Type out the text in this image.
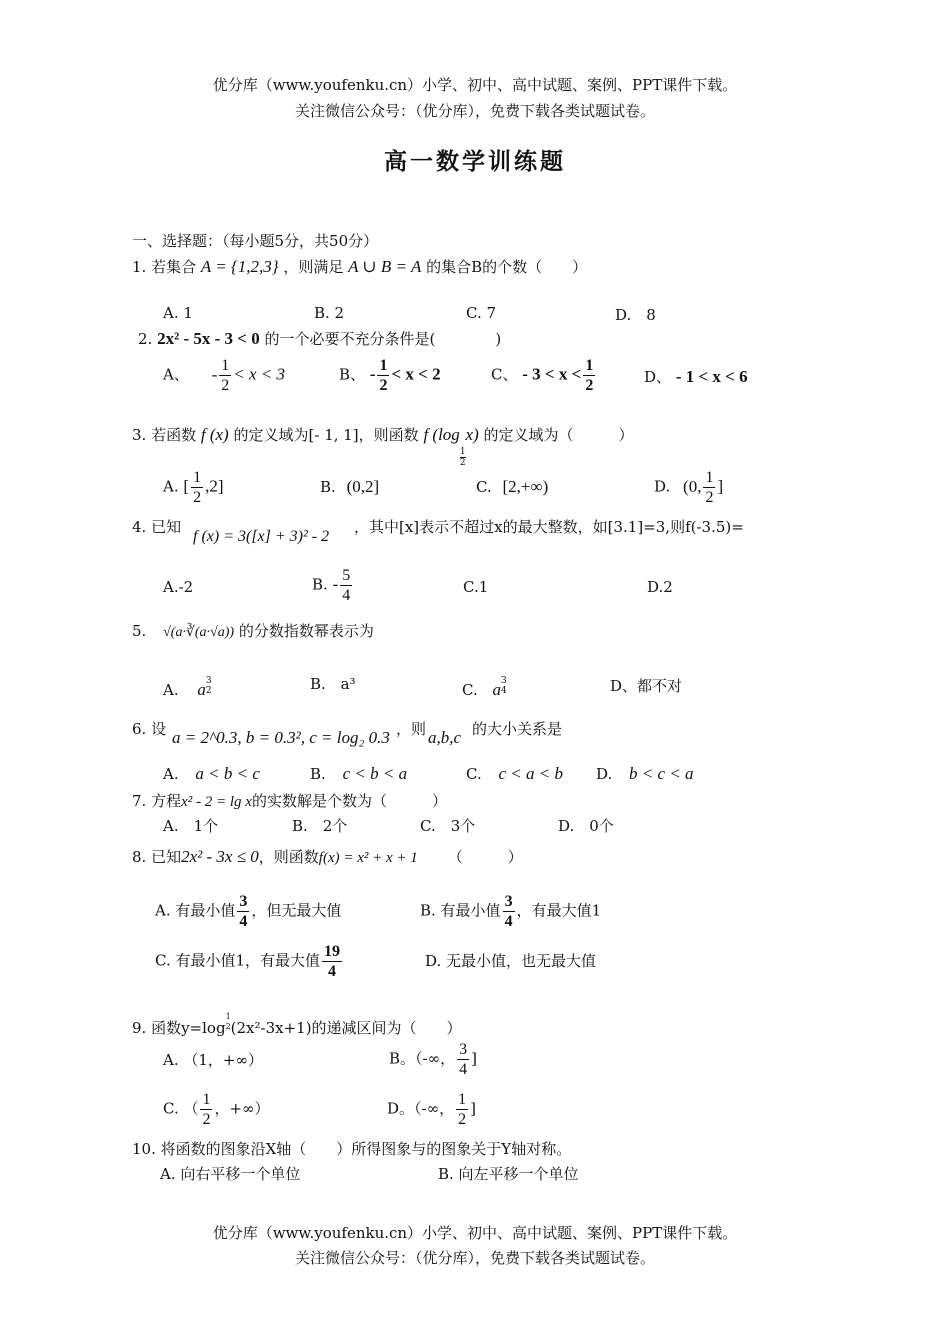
优分库（www.youfenku.cn）小学、初中、高中试题、案例、PPT课件下载。
关注微信公众号：（优分库），免费下载各类试题试卷。
高一数学训练题
一、选择题：（每小题5分，共50分）
1. 若集合 A = {1,2,3} ，则满足 A ∪ B = A 的集合B的个数（　　）
A. 1	B. 2	C. 7	D.　8
2. 2x² - 5x - 3 < 0 的一个必要不充分条件是(　　　　)
A、 - $\frac{1}{2} < x < 3$	B、 - $\frac{1}{2} < x < 2$	C、 - $3 < x < \frac{1}{2}$	D、 - 1 < x < 6
3. 若函数 f (x) 的定义域为[- 1, 1]，则函数 f (log
$\frac{1}{2}$
x) 的定义域为（　　　）
A. [ $\frac{1}{2} ,2$]	B. (0,2]	C. [2,+∞)	D. (0, $\frac{1}{2}$ ]
4. 已知
f (x) = 3([x] + 3)² - 2
，其中[x]表示不超过x的最大整数，如[3.1]=3,则f(-3.5)=
A.-2	B. - $\frac{5}{4}$	C.1	D.2
5. √(a·∛(a·√a)) 的分数指数幂表示为
A. a 3
2	B. a³	C. a 3
4	D、都不对
6. 设 a = 2^0.3, b = 0.3², c = log₂ 0.3 ，则 a,b,c 的大小关系是
A. a < b < c	B. c < b < a	C. c < a < b D. b < c < a
7. 方程x² - 2 = lg x的实数解是个数为（　　　）
A.　1个	B.　2个	C.　3个	D.　0个
8. 已知2x² - 3x ≤ 0，则函数f(x) = x² + x + 1 （　　　）
A. 有最小值 $\frac{3}{4}$ ，但无最大值	B. 有最小值 $\frac{3}{4}$ ，有最大值1
C. 有最小值1，有最大值 $\frac{19}{4}$	D. 无最小值，也无最大值
9. 函数y=log
1
2 (2x²-3x+1)的递减区间为（　　）
A. （1，+∞）	B。（-∞， $\frac{3}{4}$ ]
C. （ $\frac{1}{2}$ ，+∞）	D。（-∞， $\frac{1}{2}$ ]
10. 将函数的图象沿X轴（　　）所得图象与的图象关于Y轴对称。
A. 向右平移一个单位	B. 向左平移一个单位
优分库（www.youfenku.cn）小学、初中、高中试题、案例、PPT课件下载。
关注微信公众号：（优分库），免费下载各类试题试卷。
